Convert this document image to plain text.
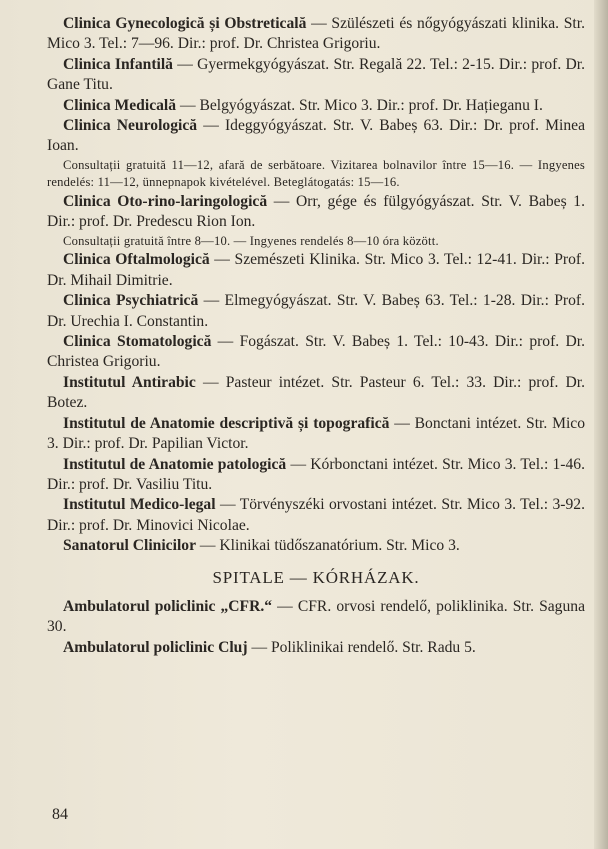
Clinica Gynecologică și Obstreticală — Szülészeti és nőgyógyászati klinika. Str. Mico 3. Tel.: 7—96. Dir.: prof. Dr. Christea Grigoriu.

Clinica Infantilă — Gyermekgyógyászat. Str. Regală 22. Tel.: 2-15. Dir.: prof. Dr. Gane Titu.

Clinica Medicală — Belgyógyászat. Str. Mico 3. Dir.: prof. Dr. Hațieganu I.

Clinica Neurologică — Ideggyógyászat. Str. V. Babeș 63. Dir.: Dr. prof. Minea Ioan.

Consultații gratuită 11—12, afară de serbătoare. Vizitarea bolnavilor între 15—16. — Ingyenes rendelés: 11—12, ünnepnapok kivételével. Beteglátogatás: 15—16.

Clinica Oto-rino-laringologică — Orr, gége és fülgyógyászat. Str. V. Babeș 1. Dir.: prof. Dr. Predescu Rion Ion.

Consultații gratuită între 8—10. — Ingyenes rendelés 8—10 óra között.

Clinica Oftalmologică — Szemészeti Klinika. Str. Mico 3. Tel.: 12-41. Dir.: Prof. Dr. Mihail Dimitrie.

Clinica Psychiatrică — Elmegyógyászat. Str. V. Babeș 63. Tel.: 1-28. Dir.: Prof. Dr. Urechia I. Constantin.

Clinica Stomatologică — Fogászat. Str. V. Babeș 1. Tel.: 10-43. Dir.: prof. Dr. Christea Grigoriu.

Institutul Antirabic — Pasteur intézet. Str. Pasteur 6. Tel.: 33. Dir.: prof. Dr. Botez.

Institutul de Anatomie descriptivă și topografică — Bonctani intézet. Str. Mico 3. Dir.: prof. Dr. Papilian Victor.

Institutul de Anatomie patologică — Kórbonctani intézet. Str. Mico 3. Tel.: 1-46. Dir.: prof. Dr. Vasiliu Titu.

Institutul Medico-legal — Törvényszéki orvostani intézet. Str. Mico 3. Tel.: 3-92. Dir.: prof. Dr. Minovici Nicolae.

Sanatorul Clinicilor — Klinikai tüdőszanatórium. Str. Mico 3.

SPITALE — KÓRHÁZAK.

Ambulatorul policlinic „CFR.“ — CFR. orvosi rendelő, poliklinika. Str. Saguna 30.

Ambulatorul policlinic Cluj — Poliklinikai rendelő. Str. Radu 5.

84
